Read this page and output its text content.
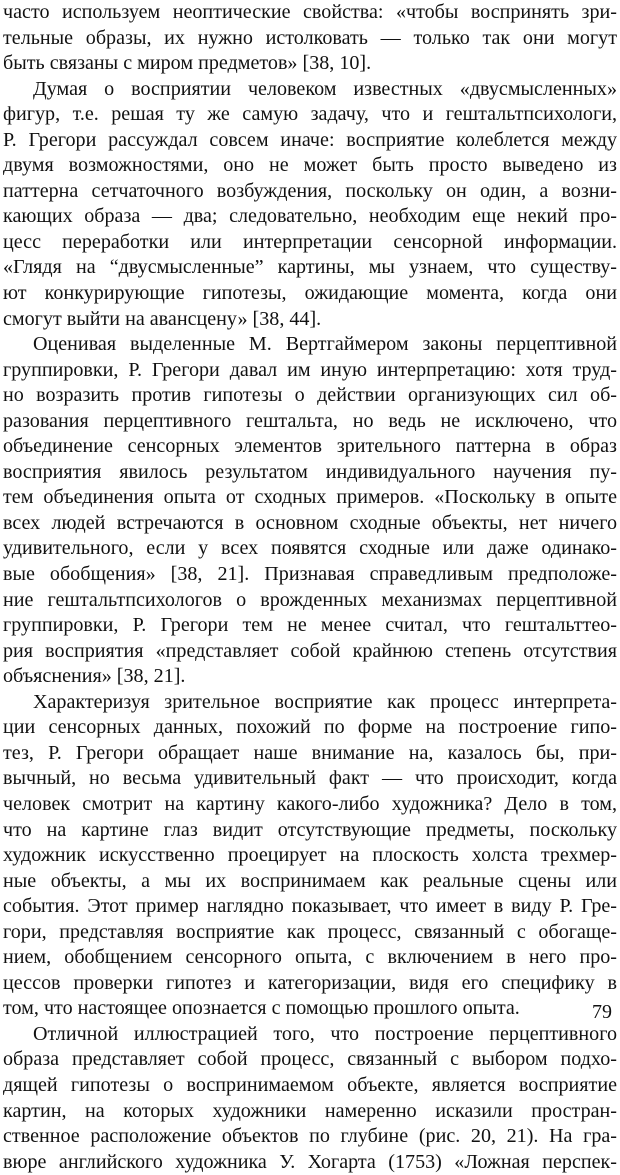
часто используем неоптические свойства: «чтобы воспринять зри-
тельные образы, их нужно истолковать — только так они могут
быть связаны с миром предметов» [38, 10].
Думая о восприятии человеком известных «двусмысленных»
фигур, т.е. решая ту же самую задачу, что и гештальтпсихологи,
Р. Грегори рассуждал совсем иначе: восприятие колеблется между
двумя возможностями, оно не может быть просто выведено из
паттерна сетчаточного возбуждения, поскольку он один, а возни-
кающих образа — два; следовательно, необходим еще некий про-
цесс переработки или интерпретации сенсорной информации.
«Глядя на “двусмысленные” картины, мы узнаем, что существу-
ют конкурирующие гипотезы, ожидающие момента, когда они
смогут выйти на авансцену» [38, 44].
Оценивая выделенные М. Вертгаймером законы перцептивной
группировки, Р. Грегори давал им иную интерпретацию: хотя труд-
но возразить против гипотезы о действии организующих сил об-
разования перцептивного гештальта, но ведь не исключено, что
объединение сенсорных элементов зрительного паттерна в образ
восприятия явилось результатом индивидуального научения пу-
тем объединения опыта от сходных примеров. «Поскольку в опыте
всех людей встречаются в основном сходные объекты, нет ничего
удивительного, если у всех появятся сходные или даже одинако-
вые обобщения» [38, 21]. Признавая справедливым предположе-
ние гештальтпсихологов о врожденных механизмах перцептивной
группировки, Р. Грегори тем не менее считал, что гештальттео-
рия восприятия «представляет собой крайнюю степень отсутствия
объяснения» [38, 21].
Характеризуя зрительное восприятие как процесс интерпрета-
ции сенсорных данных, похожий по форме на построение гипо-
тез, Р. Грегори обращает наше внимание на, казалось бы, при-
вычный, но весьма удивительный факт — что происходит, когда
человек смотрит на картину какого-либо художника? Дело в том,
что на картине глаз видит отсутствующие предметы, поскольку
художник искусственно проецирует на плоскость холста трехмер-
ные объекты, а мы их воспринимаем как реальные сцены или
события. Этот пример наглядно показывает, что имеет в виду Р. Гре-
гори, представляя восприятие как процесс, связанный с обогаще-
нием, обобщением сенсорного опыта, с включением в него про-
цессов проверки гипотез и категоризации, видя его специфику в
том, что настоящее опознается с помощью прошлого опыта.
Отличной иллюстрацией того, что построение перцептивного
образа представляет собой процесс, связанный с выбором подхо-
дящей гипотезы о воспринимаемом объекте, является восприятие
картин, на которых художники намеренно исказили простран-
ственное расположение объектов по глубине (рис. 20, 21). На гра-
вюре английского художника У. Хогарта (1753) «Ложная перспек-
79
